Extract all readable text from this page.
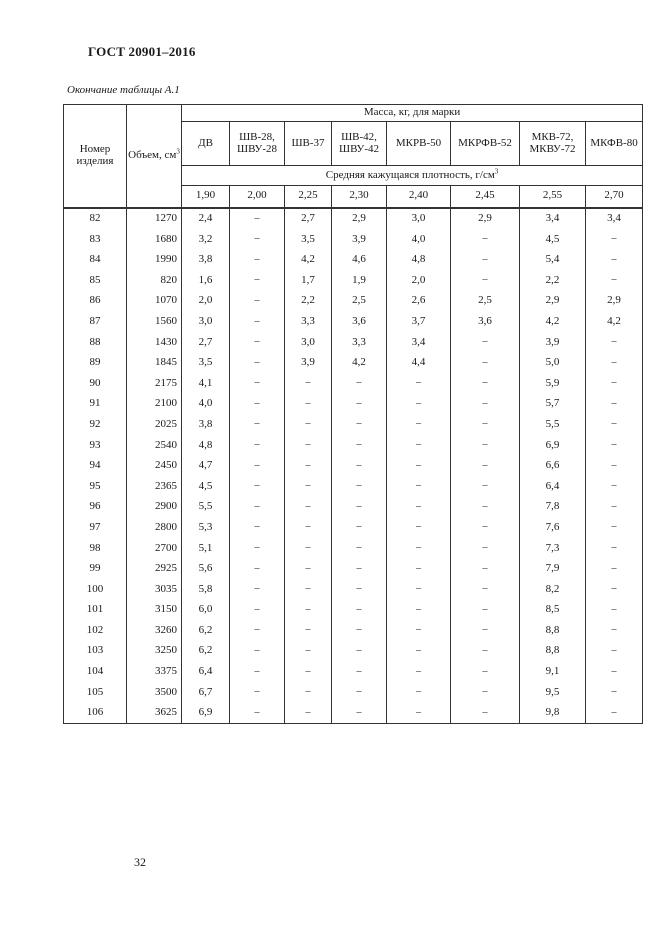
ГОСТ 20901–2016
Окончание таблицы А.1
Номер изделия	Объем, $см^3$	Масса, кг, для марки							
		ДВ	ШВ-28, ШВУ-28	ШВ-37	ШВ-42, ШВУ-42	МКРВ-50	МКРФВ-52	МКВ-72, МКВУ-72	МКФВ-80
		Средняя кажущаяся плотность, $г/см^3$
		1,90	2,00	2,25	2,30	2,40	2,45	2,55	2,70
82	1270	2,4	–	2,7	2,9	3,0	2,9	3,4	3,4
83	1680	3,2	–	3,5	3,9	4,0	–	4,5	–
84	1990	3,8	–	4,2	4,6	4,8	–	5,4	–
85	820	1,6	–	1,7	1,9	2,0	–	2,2	–
86	1070	2,0	–	2,2	2,5	2,6	2,5	2,9	2,9
87	1560	3,0	–	3,3	3,6	3,7	3,6	4,2	4,2
88	1430	2,7	–	3,0	3,3	3,4	–	3,9	–
89	1845	3,5	–	3,9	4,2	4,4	–	5,0	–
90	2175	4,1	–	–	–	–	–	5,9	–
91	2100	4,0	–	–	–	–	–	5,7	–
92	2025	3,8	–	–	–	–	–	5,5	–
93	2540	4,8	–	–	–	–	–	6,9	–
94	2450	4,7	–	–	–	–	–	6,6	–
95	2365	4,5	–	–	–	–	–	6,4	–
96	2900	5,5	–	–	–	–	–	7,8	–
97	2800	5,3	–	–	–	–	–	7,6	–
98	2700	5,1	–	–	–	–	–	7,3	–
99	2925	5,6	–	–	–	–	–	7,9	–
100	3035	5,8	–	–	–	–	–	8,2	–
101	3150	6,0	–	–	–	–	–	8,5	–
102	3260	6,2	–	–	–	–	–	8,8	–
103	3250	6,2	–	–	–	–	–	8,8	–
104	3375	6,4	–	–	–	–	–	9,1	–
105	3500	6,7	–	–	–	–	–	9,5	–
106	3625	6,9	–	–	–	–	–	9,8	–
32
